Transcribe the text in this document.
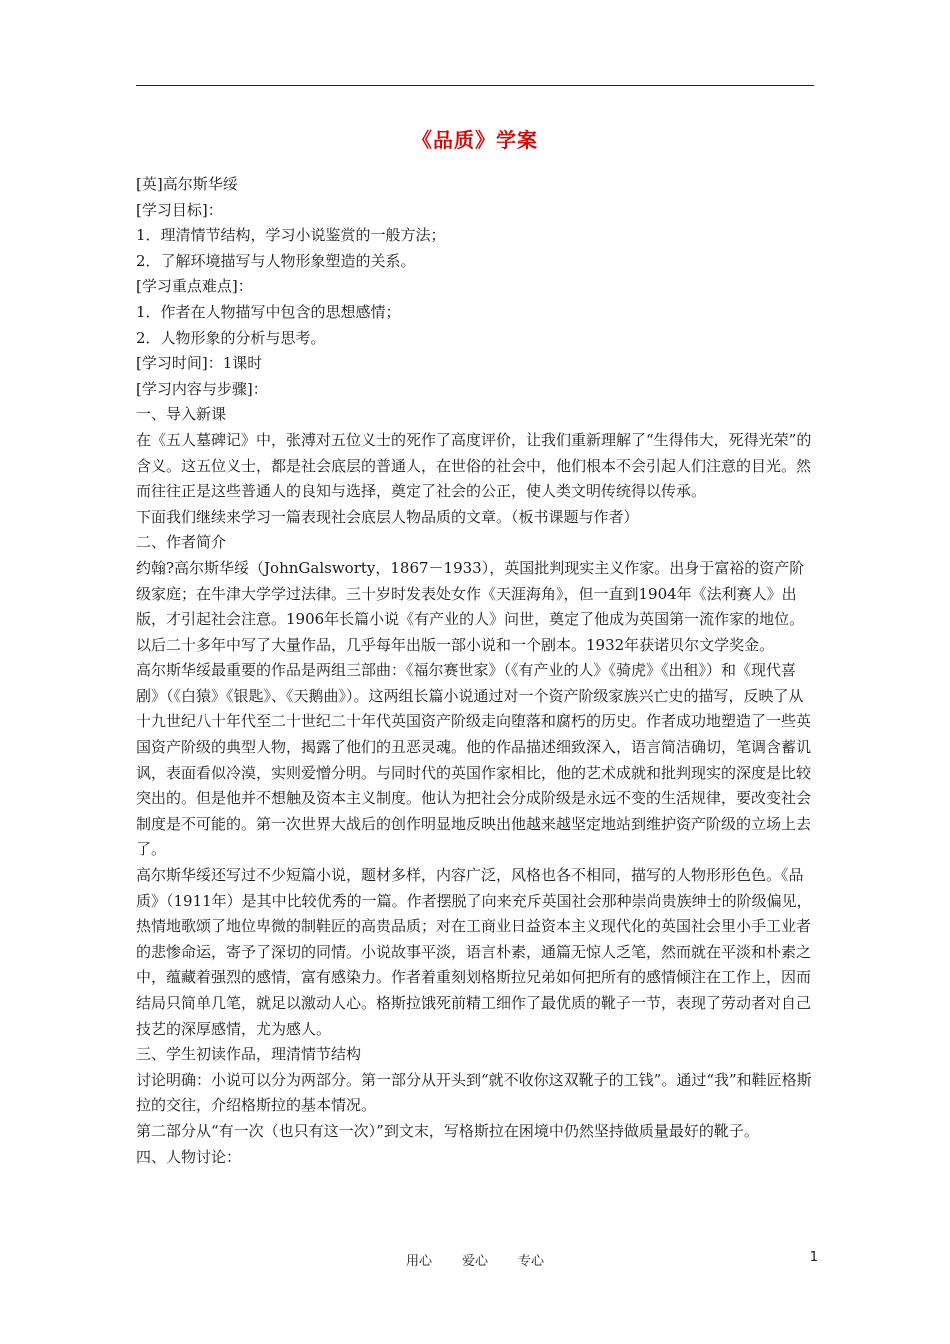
《品质》学案

[英]高尔斯华绥

[学习目标]：

1．理清情节结构，学习小说鉴赏的一般方法；

2．了解环境描写与人物形象塑造的关系。

[学习重点难点]：

1．作者在人物描写中包含的思想感情；

2．人物形象的分析与思考。

[学习时间]：1课时

[学习内容与步骤]：

一、导入新课

在《五人墓碑记》中，张溥对五位义士的死作了高度评价，让我们重新理解了“生得伟大，死得光荣”的含义。这五位义士，都是社会底层的普通人，在世俗的社会中，他们根本不会引起人们注意的目光。然而往往正是这些普通人的良知与选择，奠定了社会的公正，使人类文明传统得以传承。

下面我们继续来学习一篇表现社会底层人物品质的文章。（板书课题与作者）

二、作者简介

约翰?高尔斯华绥（JohnGalsworty，1867－1933），英国批判现实主义作家。出身于富裕的资产阶级家庭；在牛津大学学过法律。三十岁时发表处女作《天涯海角》，但一直到1904年《法利赛人》出版，才引起社会注意。1906年长篇小说《有产业的人》问世，奠定了他成为英国第一流作家的地位。以后二十多年中写了大量作品，几乎每年出版一部小说和一个剧本。1932年获诺贝尔文学奖金。

高尔斯华绥最重要的作品是两组三部曲：《福尔赛世家》（《有产业的人》《骑虎》《出租》）和《现代喜剧》（《白猿》《银匙》、《天鹅曲》）。这两组长篇小说通过对一个资产阶级家族兴亡史的描写，反映了从十九世纪八十年代至二十世纪二十年代英国资产阶级走向堕落和腐朽的历史。作者成功地塑造了一些英国资产阶级的典型人物，揭露了他们的丑恶灵魂。他的作品描述细致深入，语言简洁确切，笔调含蓄讥讽，表面看似冷漠，实则爱憎分明。与同时代的英国作家相比，他的艺术成就和批判现实的深度是比较突出的。但是他并不想触及资本主义制度。他认为把社会分成阶级是永远不变的生活规律，要改变社会制度是不可能的。第一次世界大战后的创作明显地反映出他越来越坚定地站到维护资产阶级的立场上去了。

高尔斯华绥还写过不少短篇小说，题材多样，内容广泛，风格也各不相同，描写的人物形形色色。《品质》（1911年）是其中比较优秀的一篇。作者摆脱了向来充斥英国社会那种崇尚贵族绅士的阶级偏见，热情地歌颂了地位卑微的制鞋匠的高贵品质；对在工商业日益资本主义现代化的英国社会里小手工业者的悲惨命运，寄予了深切的同情。小说故事平淡，语言朴素，通篇无惊人乏笔，然而就在平淡和朴素之中，蕴藏着强烈的感情，富有感染力。作者着重刻划格斯拉兄弟如何把所有的感情倾注在工作上，因而结局只简单几笔，就足以激动人心。格斯拉饿死前精工细作了最优质的靴子一节，表现了劳动者对自己技艺的深厚感情，尤为感人。

三、学生初读作品，理清情节结构

讨论明确：小说可以分为两部分。第一部分从开头到“就不收你这双靴子的工钱”。通过“我”和鞋匠格斯拉的交往，介绍格斯拉的基本情况。

第二部分从“有一次（也只有这一次）”到文末，写格斯拉在困境中仍然坚持做质量最好的靴子。

四、人物讨论：

用心 爱心 专心	1
